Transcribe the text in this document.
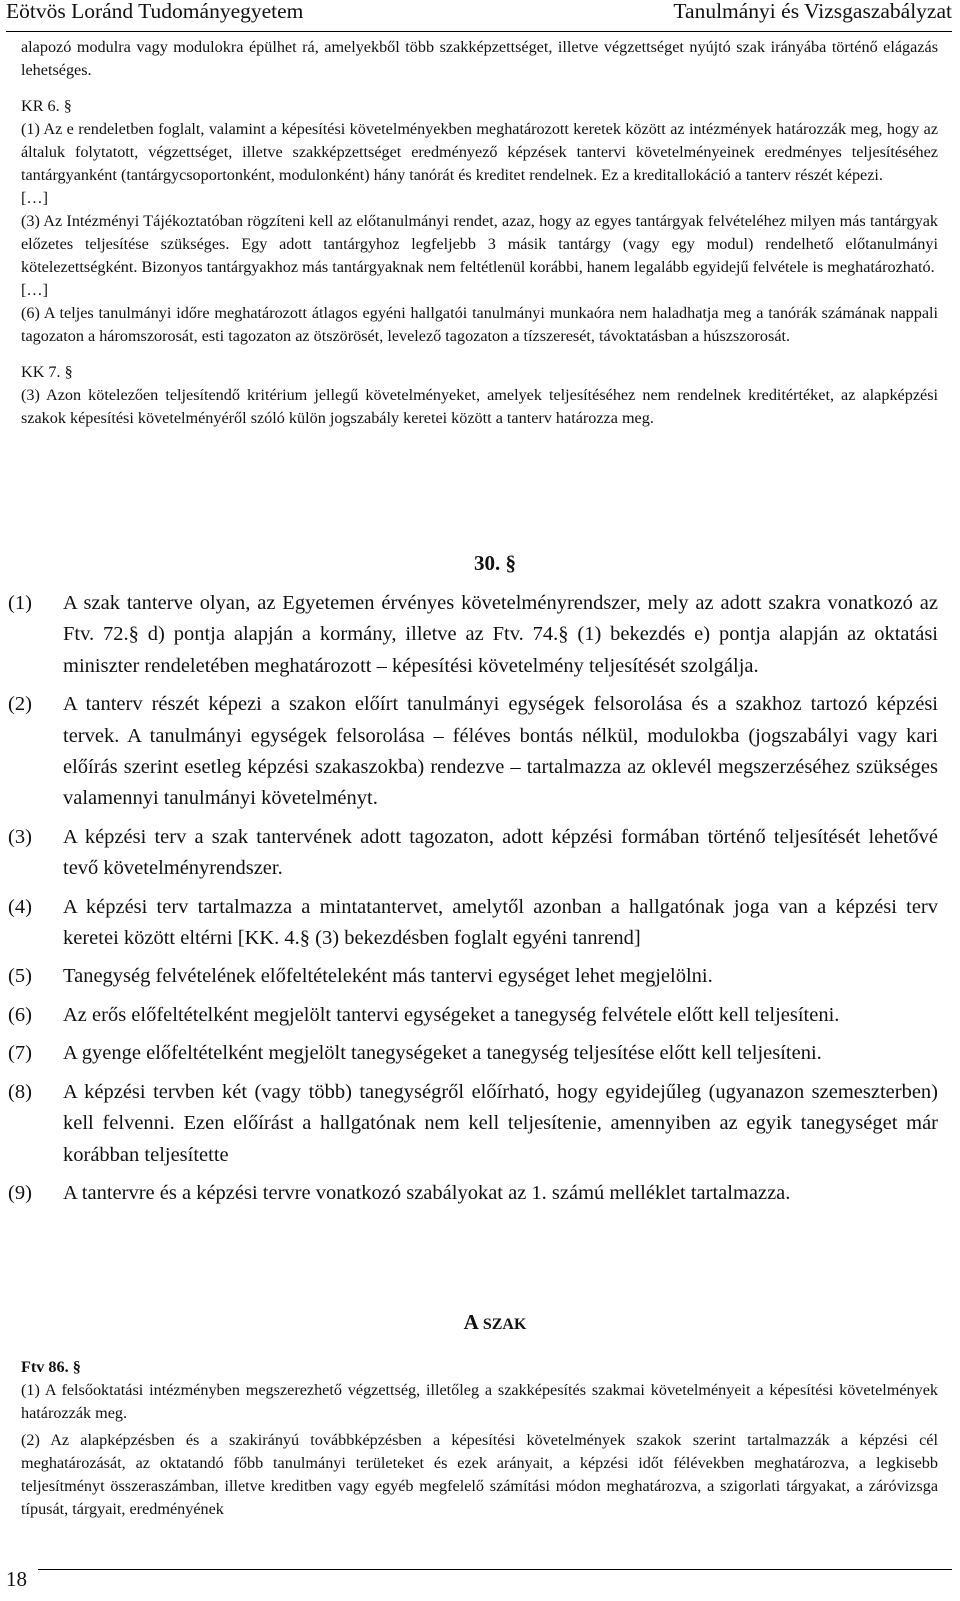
Eötvös Loránd Tudományegyetem	Tanulmányi és Vizsgaszabályzat

alapozó modulra vagy modulokra épülhet rá, amelyekből több szakképzettséget, illetve végzettséget nyújtó szak irányába történő elágazás lehetséges.

KR 6. §

(1) Az e rendeletben foglalt, valamint a képesítési követelményekben meghatározott keretek között az intézmények határozzák meg, hogy az általuk folytatott, végzettséget, illetve szakképzettséget eredményező képzések tantervi követelményeinek eredményes teljesítéséhez tantárgyanként (tantárgycsoportonként, modulonként) hány tanórát és kreditet rendelnek. Ez a kreditallokáció a tanterv részét képezi.

[…]

(3) Az Intézményi Tájékoztatóban rögzíteni kell az előtanulmányi rendet, azaz, hogy az egyes tantárgyak felvételéhez milyen más tantárgyak előzetes teljesítése szükséges. Egy adott tantárgyhoz legfeljebb 3 másik tantárgy (vagy egy modul) rendelhető előtanulmányi kötelezettségként. Bizonyos tantárgyakhoz más tantárgyaknak nem feltétlenül korábbi, hanem legalább egyidejű felvétele is meghatározható.

[…]

(6) A teljes tanulmányi időre meghatározott átlagos egyéni hallgatói tanulmányi munkaóra nem haladhatja meg a tanórák számának nappali tagozaton a háromszorosát, esti tagozaton az ötszörösét, levelező tagozaton a tízszeresét, távoktatásban a húszszorosát.

KK 7. §

(3) Azon kötelezően teljesítendő kritérium jellegű követelményeket, amelyek teljesítéséhez nem rendelnek kreditértéket, az alapképzési szakok képesítési követelményéről szóló külön jogszabály keretei között a tanterv határozza meg.

30. §
(1)	A szak tanterve olyan, az Egyetemen érvényes követelményrendszer, mely az adott szakra vonatkozó az Ftv. 72.§ d) pontja alapján a kormány, illetve az Ftv. 74.§ (1) bekezdés e) pontja alapján az oktatási miniszter rendeletében meghatározott – képesítési követelmény teljesítését szolgálja.
(2)	A tanterv részét képezi a szakon előírt tanulmányi egységek felsorolása és a szakhoz tartozó képzési tervek. A tanulmányi egységek felsorolása – féléves bontás nélkül, modulokba (jogszabályi vagy kari előírás szerint esetleg képzési szakaszokba) rendezve – tartalmazza az oklevél megszerzéséhez szükséges valamennyi tanulmányi követelményt.
(3)	A képzési terv a szak tantervének adott tagozaton, adott képzési formában történő teljesítését lehetővé tevő követelményrendszer.
(4)	A képzési terv tartalmazza a mintatantervet, amelytől azonban a hallgatónak joga van a képzési terv keretei között eltérni [KK. 4.§ (3) bekezdésben foglalt egyéni tanrend]
(5)	Tanegység felvételének előfeltételeként más tantervi egységet lehet megjelölni.
(6)	Az erős előfeltételként megjelölt tantervi egységeket a tanegység felvétele előtt kell teljesíteni.
(7)	A gyenge előfeltételként megjelölt tanegységeket a tanegység teljesítése előtt kell teljesíteni.
(8)	A képzési tervben két (vagy több) tanegységről előírható, hogy egyidejűleg (ugyanazon szemeszterben) kell felvenni. Ezen előírást a hallgatónak nem kell teljesítenie, amennyiben az egyik tanegységet már korábban teljesítette
(9)	A tantervre és a képzési tervre vonatkozó szabályokat az 1. számú melléklet tartalmazza.
A SZAK

Ftv 86. §

(1) A felsőoktatási intézményben megszerezhető végzettség, illetőleg a szakképesítés szakmai követelményeit a képesítési követelmények határozzák meg.

(2) Az alapképzésben és a szakirányú továbbképzésben a képesítési követelmények szakok szerint tartalmazzák a képzési cél meghatározását, az oktatandó főbb tanulmányi területeket és ezek arányait, a képzési időt félévekben meghatározva, a legkisebb teljesítményt összeraszámban, illetve kreditben vagy egyéb megfelelő számítási módon meghatározva, a szigorlati tárgyakat, a záróvizsga típusát, tárgyait, eredményének

18
